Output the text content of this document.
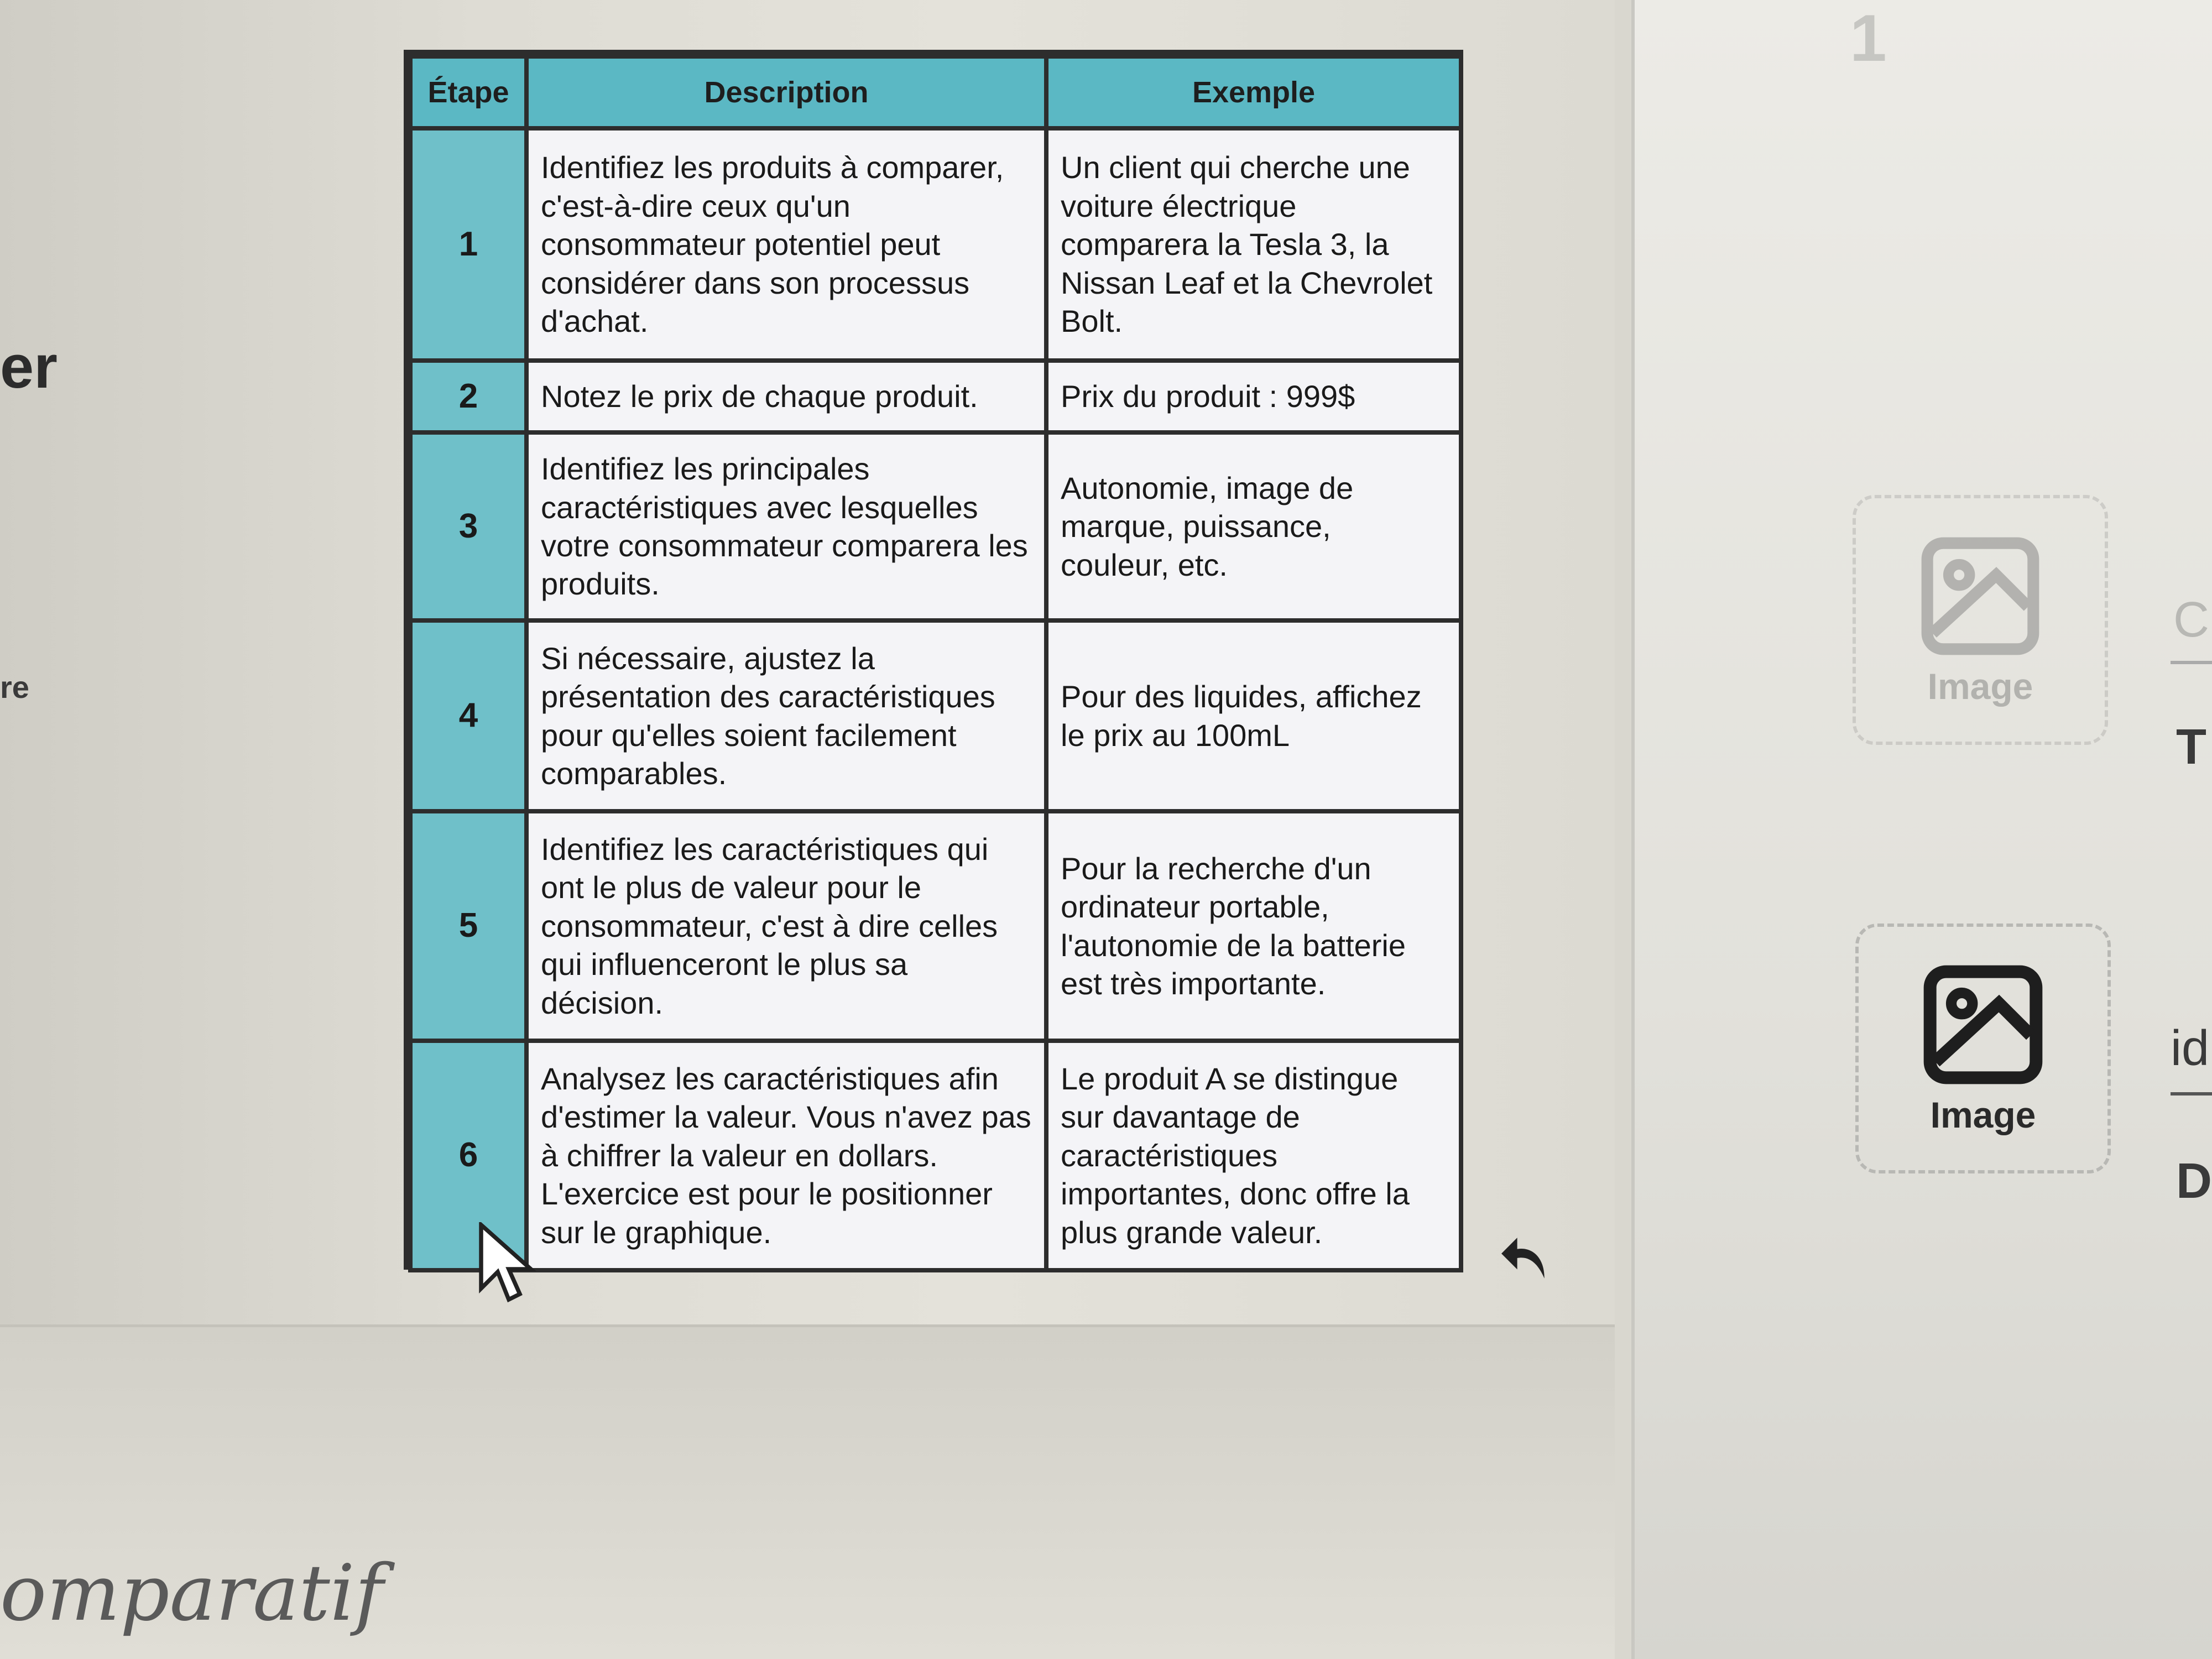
er
re
omparatif
Étape	Description	Exemple
1	Identifiez les produits à comparer, c'est-à-dire ceux qu'un consommateur potentiel peut considérer dans son processus d'achat.	Un client qui cherche une voiture électrique comparera la Tesla 3, la Nissan Leaf et la Chevrolet Bolt.
2	Notez le prix de chaque produit.	Prix du produit : 999$
3	Identifiez les principales caractéristiques avec lesquelles votre consommateur comparera les produits.	Autonomie, image de marque, puissance, couleur, etc.
4	Si nécessaire, ajustez la présentation des caractéristiques pour qu'elles soient facilement comparables.	Pour des liquides, affichez le prix au 100mL
5	Identifiez les caractéristiques qui ont le plus de valeur pour le consommateur, c'est à dire celles qui influenceront le plus sa décision.	Pour la recherche d'un ordinateur portable, l'autonomie de la batterie est très importante.
6	Analysez les caractéristiques afin d'estimer la valeur. Vous n'avez pas à chiffrer la valeur en dollars. L'exercice est pour le positionner sur le graphique.	Le produit A se distingue sur davantage de caractéristiques importantes, donc offre la plus grande valeur.
1
Image
Image
C
T
id
D
